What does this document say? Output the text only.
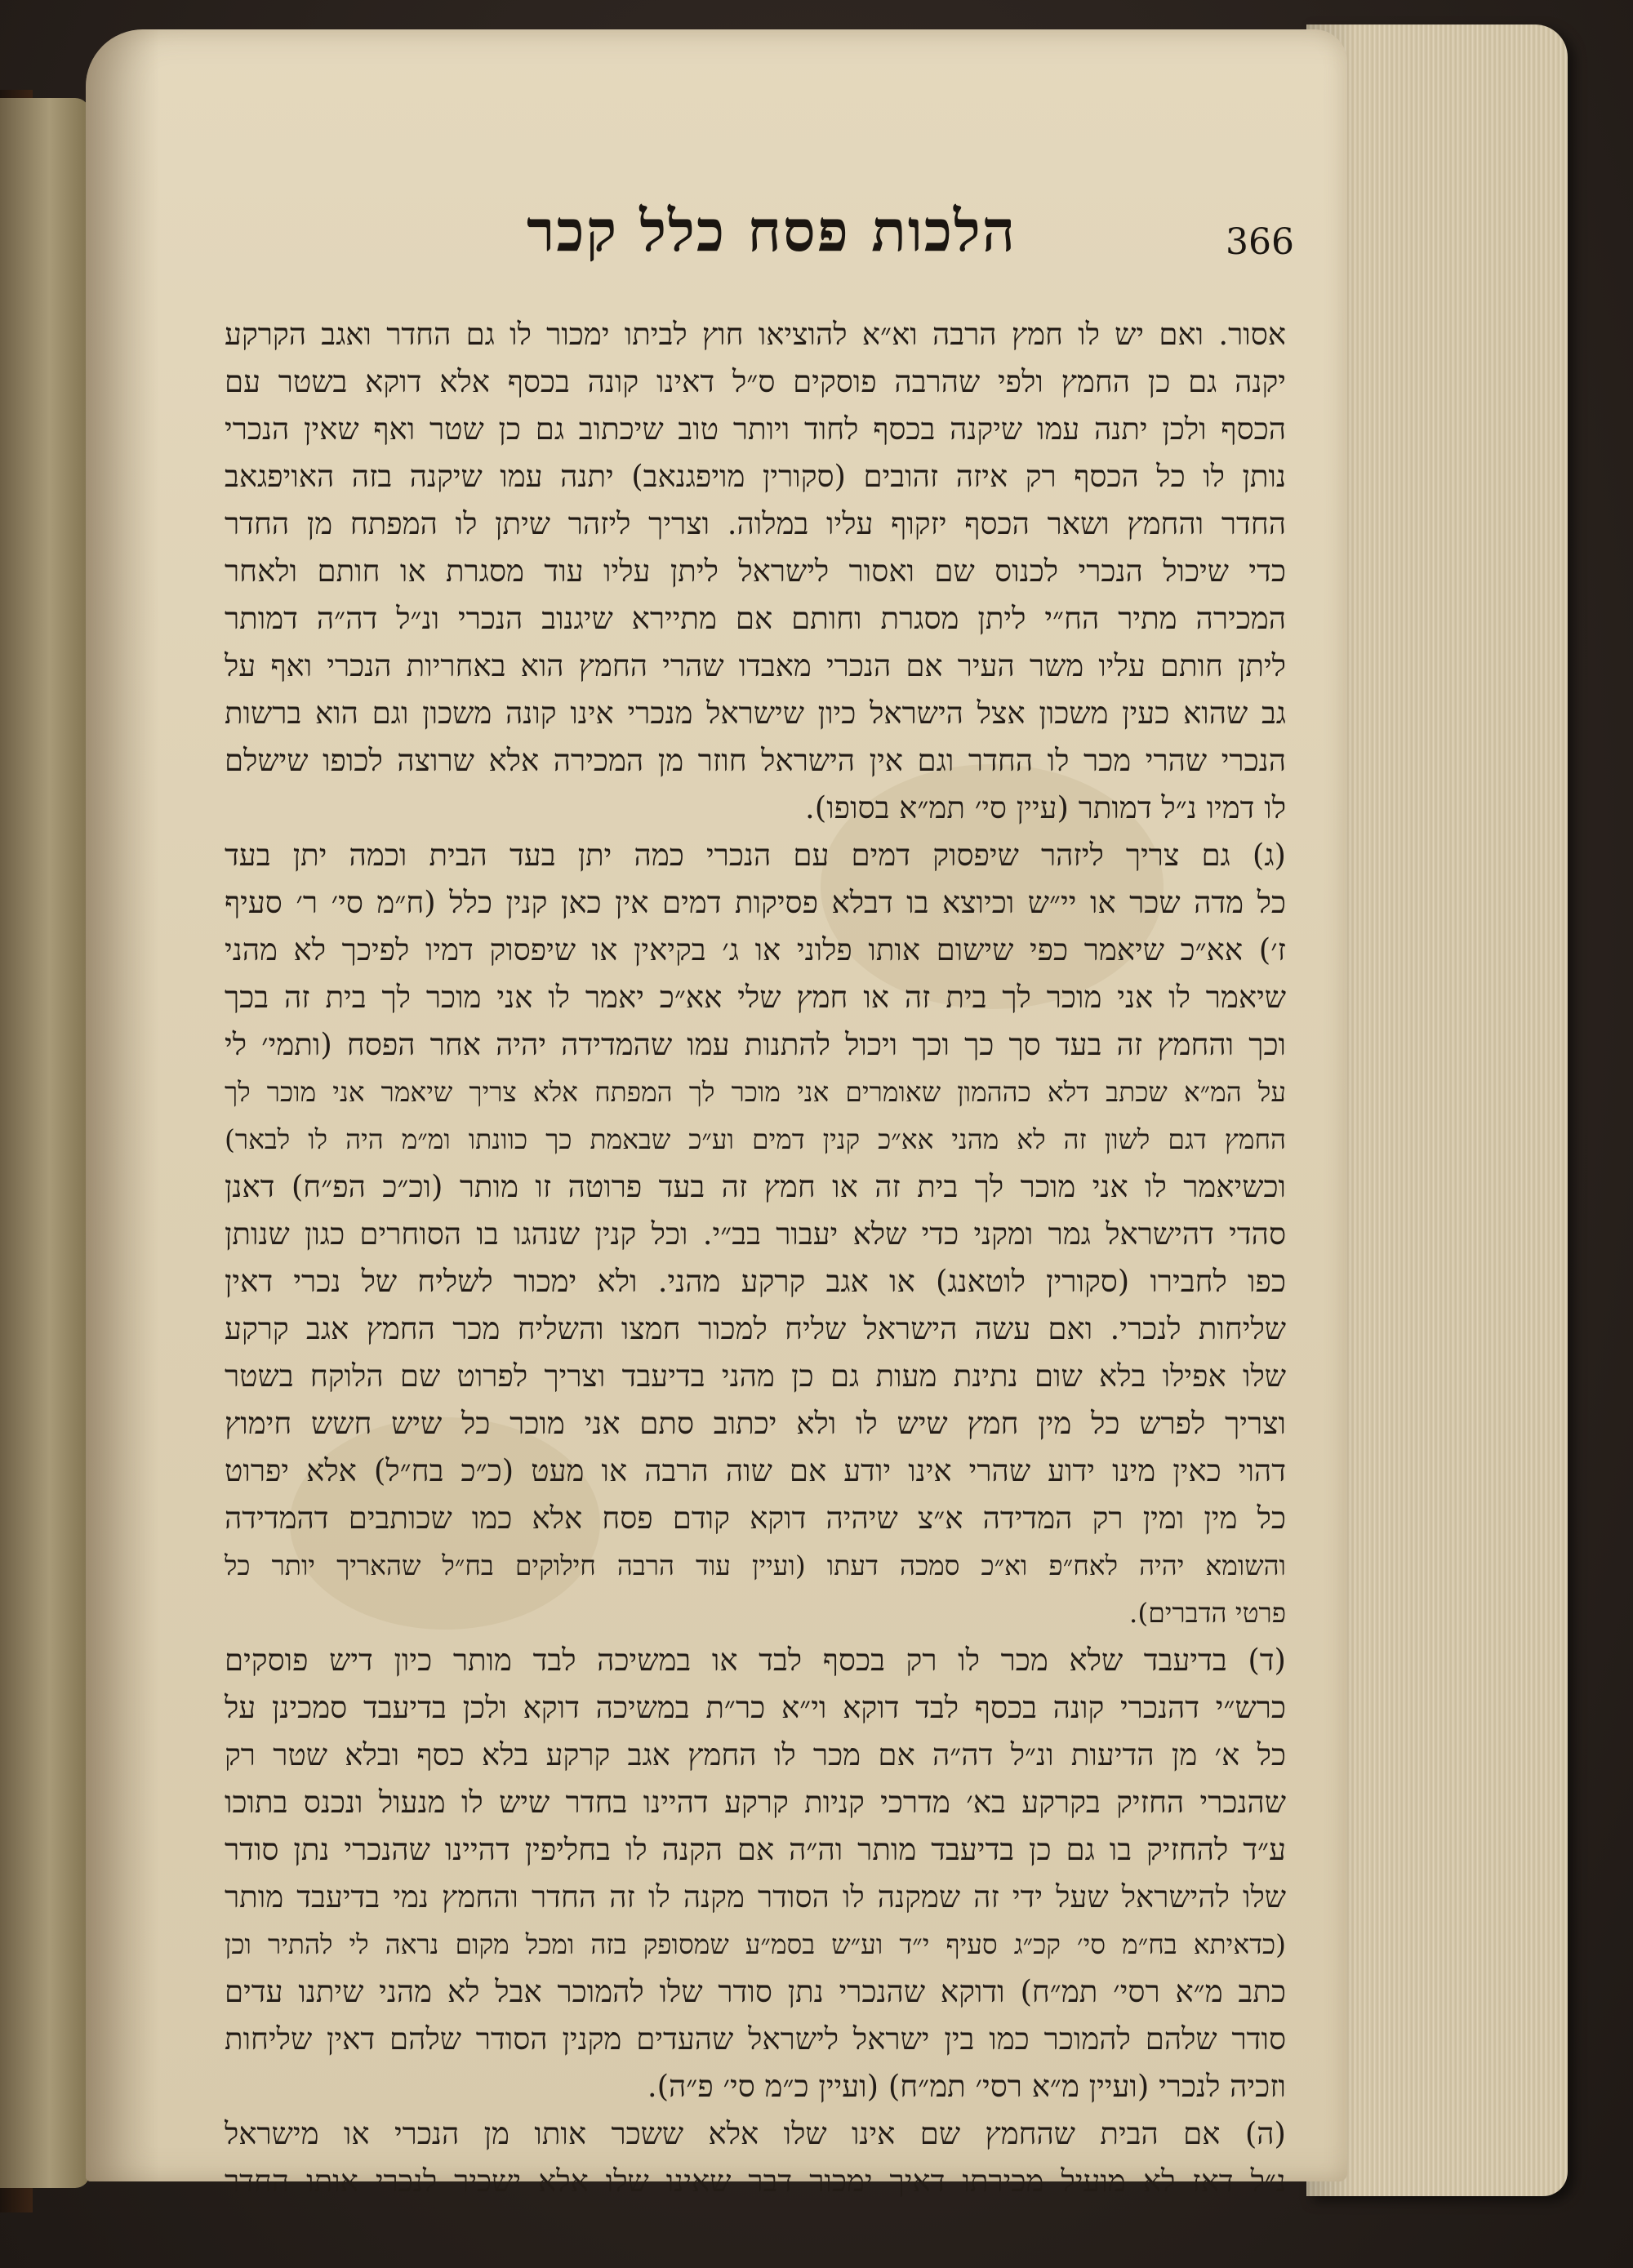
הלכות פסח כלל קכר	366
אסור. ואם יש לו חמץ הרבה וא״א להוציאו חוץ לביתו ימכור לו גם החדר ואגב הקרקע
יקנה גם כן החמץ ולפי שהרבה פוסקים ס״ל דאינו קונה בכסף אלא דוקא בשטר עם
הכסף ולכן יתנה עמו שיקנה בכסף לחוד ויותר טוב שיכתוב גם כן שטר ואף שאין הנכרי
נותן לו כל הכסף רק איזה זהובים (סקורין מויפגנאב) יתנה עמו שיקנה בזה האויפגאב
החדר והחמץ ושאר הכסף יזקוף עליו במלוה. וצריך ליזהר שיתן לו המפתח מן החדר
כדי שיכול הנכרי לכנוס שם ואסור לישראל ליתן עליו עוד מסגרת או חותם ולאחר
המכירה מתיר הח״י ליתן מסגרת וחותם אם מתיירא שיגנוב הנכרי ונ״ל דה״ה דמותר
ליתן חותם עליו משר העיר אם הנכרי מאבדו שהרי החמץ הוא באחריות הנכרי ואף על
גב שהוא כעין משכון אצל הישראל כיון שישראל מנכרי אינו קונה משכון וגם הוא ברשות
הנכרי שהרי מכר לו החדר וגם אין הישראל חוזר מן המכירה אלא שרוצה לכופו שישלם
לו דמיו נ״ל דמותר (עיין סי׳ תמ״א בסופו).
(ג) גם צריך ליזהר שיפסוק דמים עם הנכרי כמה יתן בעד הבית וכמה יתן בעד
כל מדה שכר או יי״ש וכיוצא בו דבלא פסיקות דמים אין כאן קנין כלל (ח״מ סי׳ ר׳ סעיף
ז׳) אא״כ שיאמר כפי שישום אותו פלוני או ג׳ בקיאין או שיפסוק דמיו לפיכך לא מהני
שיאמר לו אני מוכר לך בית זה או חמץ שלי אא״כ יאמר לו אני מוכר לך בית זה בכך
וכך והחמץ זה בעד סך כך וכך ויכול להתנות עמו שהמדידה יהיה אחר הפסח (ותמי׳ לי
על המ״א שכתב דלא כההמון שאומרים אני מוכר לך המפתח אלא צריך שיאמר אני מוכר לך
החמץ דגם לשון זה לא מהני אא״כ קנין דמים וע״כ שבאמת כך כוונתו ומ״מ היה לו לבאר)
וכשיאמר לו אני מוכר לך בית זה או חמץ זה בעד פרוטה זו מותר (וכ״כ הפ״ח) דאנן
סהדי דהישראל גמר ומקני כדי שלא יעבור בב״י. וכל קנין שנהגו בו הסוחרים כגון שנותן
כפו לחבירו (סקורין לוטאנג) או אגב קרקע מהני. ולא ימכור לשליח של נכרי דאין
שליחות לנכרי. ואם עשה הישראל שליח למכור חמצו והשליח מכר החמץ אגב קרקע
שלו אפילו בלא שום נתינת מעות גם כן מהני בדיעבד וצריך לפרוט שם הלוקח בשטר
וצריך לפרש כל מין חמץ שיש לו ולא יכתוב סתם אני מוכר כל שיש חשש חימוץ
דהוי כאין מינו ידוע שהרי אינו יודע אם שוה הרבה או מעט (כ״כ בח״ל) אלא יפרוט
כל מין ומין רק המדידה א״צ שיהיה דוקא קודם פסח אלא כמו שכותבים דהמדידה
והשומא יהיה לאח״פ וא״כ סמכה דעתו (ועיין עוד הרבה חילוקים בח״ל שהאריך יותר כל
פרטי הדברים).
(ד) בדיעבד שלא מכר לו רק בכסף לבד או במשיכה לבד מותר כיון דיש פוסקים
כרש״י דהנכרי קונה בכסף לבד דוקא וי״א כר״ת במשיכה דוקא ולכן בדיעבד סמכינן על
כל א׳ מן הדיעות ונ״ל דה״ה אם מכר לו החמץ אגב קרקע בלא כסף ובלא שטר רק
שהנכרי החזיק בקרקע בא׳ מדרכי קניות קרקע דהיינו בחדר שיש לו מנעול ונכנס בתוכו
ע״ד להחזיק בו גם כן בדיעבד מותר וה״ה אם הקנה לו בחליפין דהיינו שהנכרי נתן סודר
שלו להישראל שעל ידי זה שמקנה לו הסודר מקנה לו זה החדר והחמץ נמי בדיעבד מותר
(כדאיתא בח״מ סי׳ קכ״ג סעיף י״ד וע״ש בסמ״ע שמסופק בזה ומכל מקום נראה לי להתיר וכן
כתב מ״א רסי׳ תמ״ח) ודוקא שהנכרי נתן סודר שלו להמוכר אבל לא מהני שיתנו עדים
סודר שלהם להמוכר כמו בין ישראל לישראל שהעדים מקנין הסודר שלהם דאין שליחות
וזכיה לנכרי (ועיין מ״א רסי׳ תמ״ח) (ועיין כ״מ סי׳ פ״ה).
(ה) אם הבית שהחמץ שם אינו שלו אלא ששכר אותו מן הנכרי או מישראל
נ״ל דאז לא מועיל מכירתו דאיך ימכור דבר שאינו שלו אלא ישכיר לנכרי אותו החדר
